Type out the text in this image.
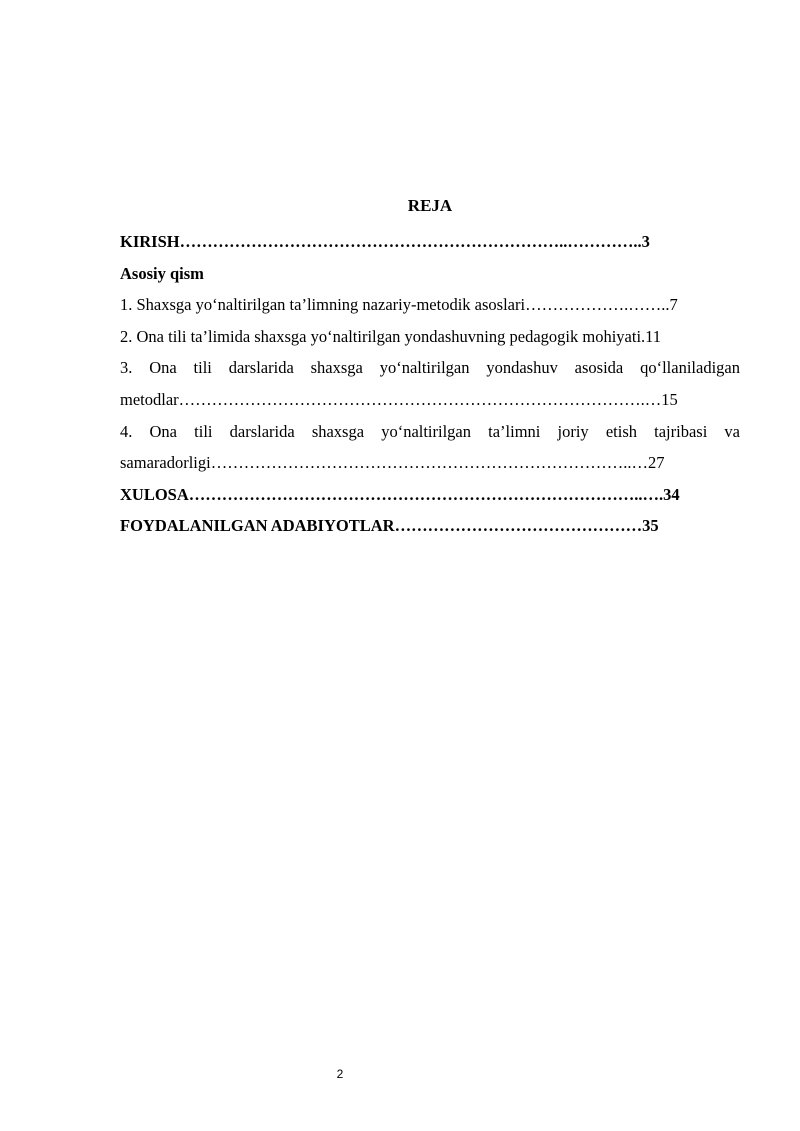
REJA
KIRISH……………………………………………………………..…………..3
Asosiy qism
1. Shaxsga yo‘naltirilgan ta’limning nazariy-metodik asoslari……………….……..7
2. Ona tili ta’limida shaxsga yo‘naltirilgan yondashuvning pedagogik mohiyati.11
3. Ona tili darslarida shaxsga yo‘naltirilgan yondashuv asosida qo‘llaniladigan
metodlar………………………………………………………………………….…15
4. Ona tili darslarida shaxsga yo‘naltirilgan ta’limni joriy etish tajribasi va
samaradorligi…………………………………………………………………..…27
XULOSA………………………………………………………………………..….34
FOYDALANILGAN ADABIYOTLAR………………………………………35
2
